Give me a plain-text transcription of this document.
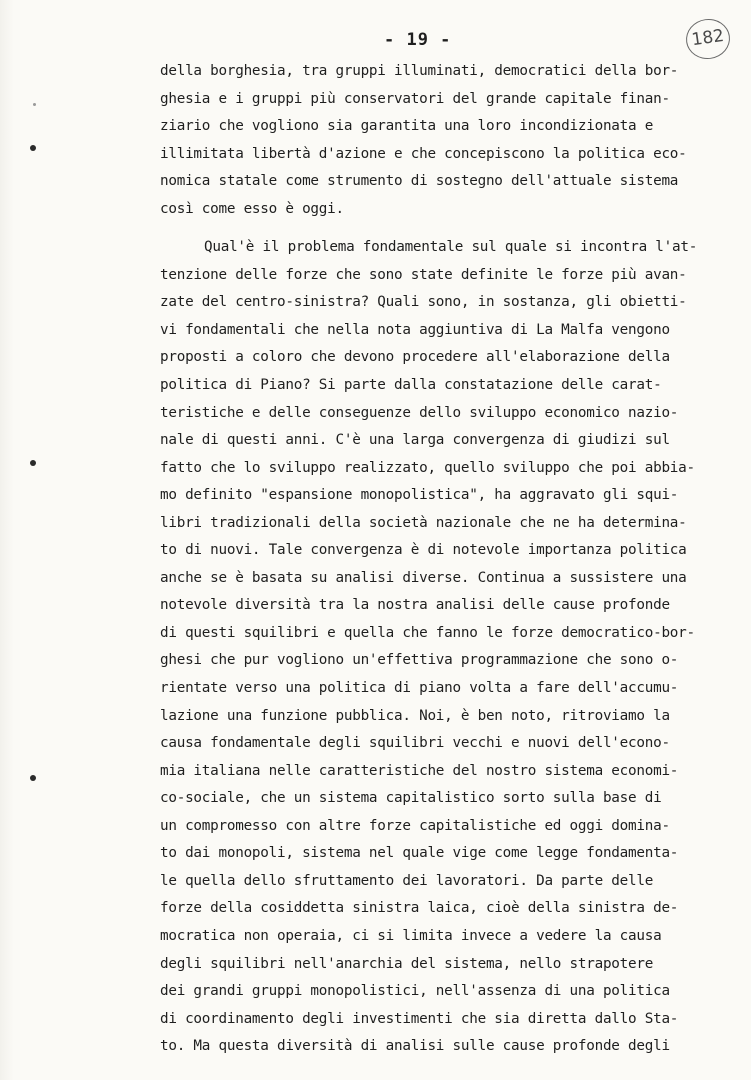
- 19 -	182
della borghesia, tra gruppi illuminati, democratici della bor-
ghesia e i gruppi più conservatori del grande capitale finan-
ziario che vogliono sia garantita una loro incondizionata e
illimitata libertà d'azione e che concepiscono la politica eco-
nomica statale come strumento di sostegno dell'attuale sistema
così come esso è oggi.
Qual'è il problema fondamentale sul quale si incontra l'at-
tenzione delle forze che sono state definite le forze più avan-
zate del centro-sinistra? Quali sono, in sostanza, gli obietti-
vi fondamentali che nella nota aggiuntiva di La Malfa vengono
proposti a coloro che devono procedere all'elaborazione della
politica di Piano? Si parte dalla constatazione delle carat-
teristiche e delle conseguenze dello sviluppo economico nazio-
nale di questi anni. C'è una larga convergenza di giudizi sul
fatto che lo sviluppo realizzato, quello sviluppo che poi abbia-
mo definito "espansione monopolistica", ha aggravato gli squi-
libri tradizionali della società nazionale che ne ha determina-
to di nuovi. Tale convergenza è di notevole importanza politica
anche se è basata su analisi diverse. Continua a sussistere una
notevole diversità tra la nostra analisi delle cause profonde
di questi squilibri e quella che fanno le forze democratico-bor-
ghesi che pur vogliono un'effettiva programmazione che sono o-
rientate verso una politica di piano volta a fare dell'accumu-
lazione una funzione pubblica. Noi, è ben noto, ritroviamo la
causa fondamentale degli squilibri vecchi e nuovi dell'econo-
mia italiana nelle caratteristiche del nostro sistema economi-
co-sociale, che un sistema capitalistico sorto sulla base di
un compromesso con altre forze capitalistiche ed oggi domina-
to dai monopoli, sistema nel quale vige come legge fondamenta-
le quella dello sfruttamento dei lavoratori. Da parte delle
forze della cosiddetta sinistra laica, cioè della sinistra de-
mocratica non operaia, ci si limita invece a vedere la causa
degli squilibri nell'anarchia del sistema, nello strapotere
dei grandi gruppi monopolistici, nell'assenza di una politica
di coordinamento degli investimenti che sia diretta dallo Sta-
to. Ma questa diversità di analisi sulle cause profonde degli
